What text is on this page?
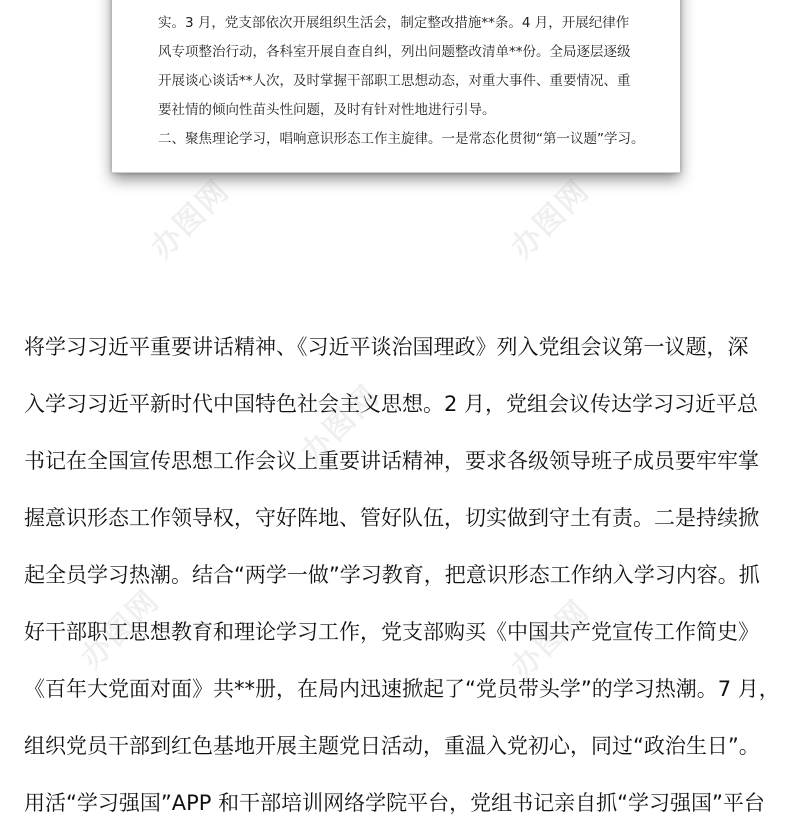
实。3 月，党支部依次开展组织生活会，制定整改措施**条。4 月，开展纪律作
风专项整治行动，各科室开展自查自纠，列出问题整改清单**份。全局逐层逐级
开展谈心谈话**人次，及时掌握干部职工思想动态，对重大事件、重要情况、重
要社情的倾向性苗头性问题，及时有针对性地进行引导。
二、聚焦理论学习，唱响意识形态工作主旋律。一是常态化贯彻“第一议题”学习。
将学习习近平重要讲话精神、《习近平谈治国理政》列入党组会议第一议题，深
入学习习近平新时代中国特色社会主义思想。2 月，党组会议传达学习习近平总
书记在全国宣传思想工作会议上重要讲话精神，要求各级领导班子成员要牢牢掌
握意识形态工作领导权，守好阵地、管好队伍，切实做到守土有责。二是持续掀
起全员学习热潮。结合“两学一做”学习教育，把意识形态工作纳入学习内容。抓
好干部职工思想教育和理论学习工作，党支部购买《中国共产党宣传工作简史》
《百年大党面对面》共**册，在局内迅速掀起了“党员带头学”的学习热潮。7 月，
组织党员干部到红色基地开展主题党日活动，重温入党初心，同过“政治生日”。
用活“学习强国”APP 和干部培训网络学院平台，党组书记亲自抓“学习强国”平台
办图网	办图网
办图网
办图网	办图网
